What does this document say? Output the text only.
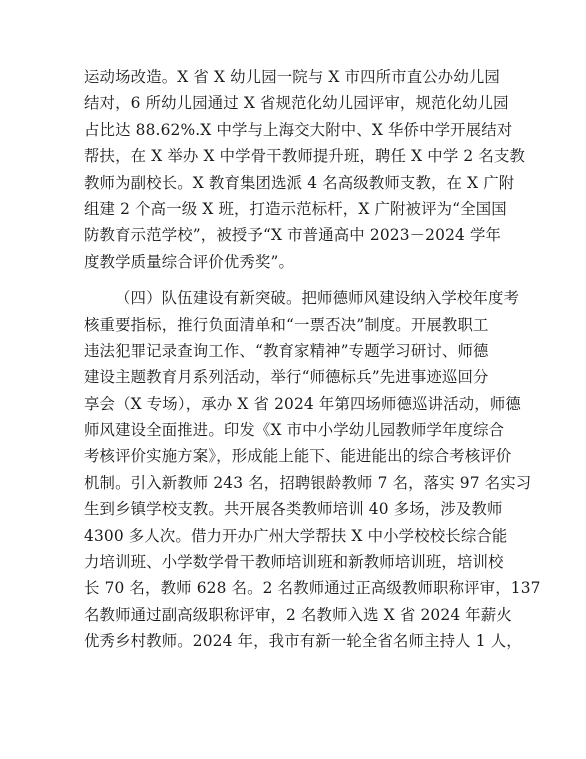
运动场改造。X 省 X 幼儿园一院与 X 市四所市直公办幼儿园
结对，6 所幼儿园通过 X 省规范化幼儿园评审，规范化幼儿园
占比达 88.62%.X 中学与上海交大附中、X 华侨中学开展结对
帮扶，在 X 举办 X 中学骨干教师提升班，聘任 X 中学 2 名支教
教师为副校长。X 教育集团选派 4 名高级教师支教，在 X 广附
组建 2 个高一级 X 班，打造示范标杆，X 广附被评为“全国国
防教育示范学校”，被授予“X 市普通高中 2023－2024 学年
度教学质量综合评价优秀奖”。
（四）队伍建设有新突破。把师德师风建设纳入学校年度考
核重要指标，推行负面清单和“一票否决”制度。开展教职工
违法犯罪记录查询工作、“教育家精神”专题学习研讨、师德
建设主题教育月系列活动，举行“师德标兵”先进事迹巡回分
享会（X 专场），承办 X 省 2024 年第四场师德巡讲活动，师德
师风建设全面推进。印发《X 市中小学幼儿园教师学年度综合
考核评价实施方案》，形成能上能下、能进能出的综合考核评价
机制。引入新教师 243 名，招聘银龄教师 7 名，落实 97 名实习
生到乡镇学校支教。共开展各类教师培训 40 多场，涉及教师
4300 多人次。借力开办广州大学帮扶 X 中小学校校长综合能
力培训班、小学数学骨干教师培训班和新教师培训班，培训校
长 70 名，教师 628 名。2 名教师通过正高级教师职称评审，137
名教师通过副高级职称评审，2 名教师入选 X 省 2024 年薪火
优秀乡村教师。2024 年，我市有新一轮全省名师主持人 1 人，
